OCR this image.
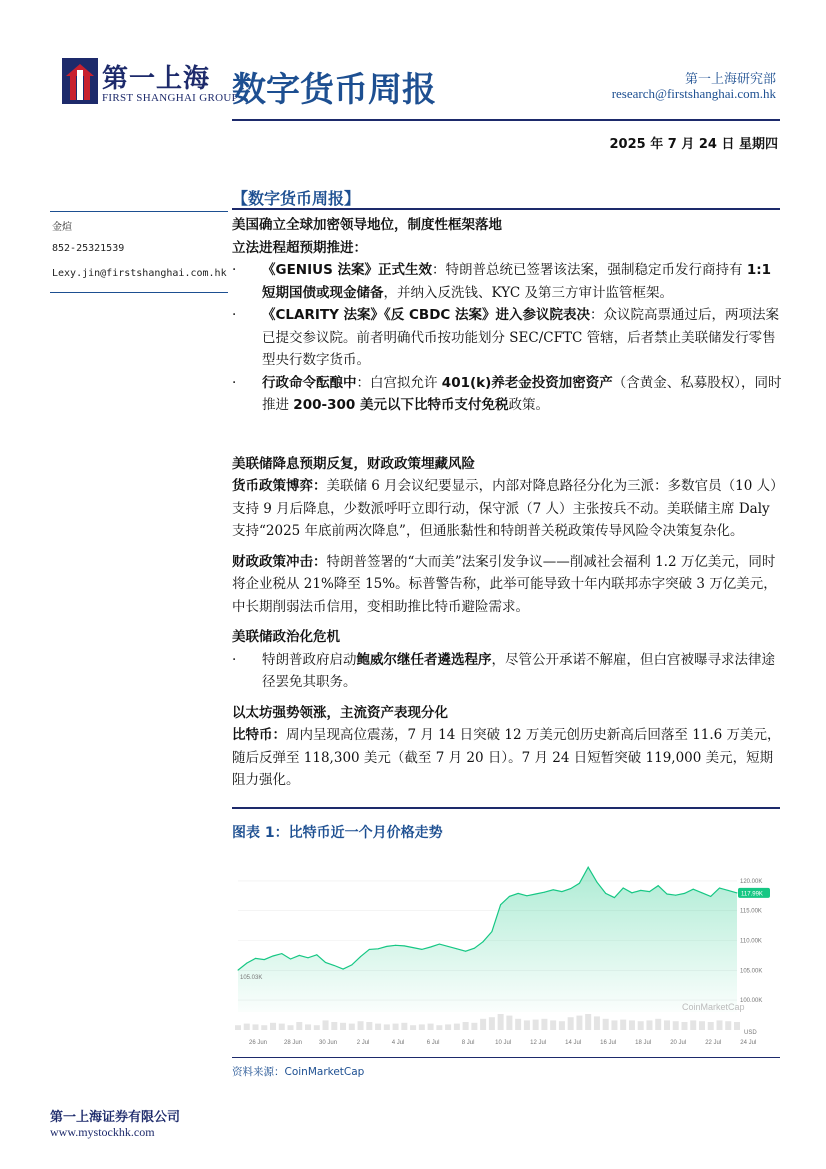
第一上海
FIRST SHANGHAI GROUP
数字货币周报	第一上海研究部
research@firstshanghai.com.hk
2025 年 7 月 24 日 星期四
【数字货币周报】
金煊
852-25321539
Lexy.jin@firstshanghai.com.hk

美国确立全球加密领导地位，制度性框架落地

立法进程超预期推进：

· 《GENIUS 法案》正式生效：特朗普总统已签署该法案，强制稳定币发行商持有 1:1 短期国债或现金储备，并纳入反洗钱、KYC 及第三方审计监管框架。

· 《CLARITY 法案》《反 CBDC 法案》进入参议院表决：众议院高票通过后，两项法案已提交参议院。前者明确代币按功能划分 SEC/CFTC 管辖，后者禁止美联储发行零售型央行数字货币。

· 行政命令酝酿中：白宫拟允许 401(k)养老金投资加密资产（含黄金、私募股权），同时推进 200-300 美元以下比特币支付免税政策。

美联储降息预期反复，财政政策埋藏风险

货币政策博弈：美联储 6 月会议纪要显示，内部对降息路径分化为三派：多数官员（10 人）支持 9 月后降息，少数派呼吁立即行动，保守派（7 人）主张按兵不动。美联储主席 Daly 支持“2025 年底前两次降息”，但通胀黏性和特朗普关税政策传导风险令决策复杂化。

财政政策冲击：特朗普签署的“大而美”法案引发争议——削减社会福利 1.2 万亿美元，同时将企业税从 21%降至 15%。标普警告称，此举可能导致十年内联邦赤字突破 3 万亿美元，中长期削弱法币信用，变相助推比特币避险需求。

美联储政治化危机

· 特朗普政府启动鲍威尔继任者遴选程序，尽管公开承诺不解雇，但白宫被曝寻求法律途径罢免其职务。

以太坊强势领涨，主流资产表现分化

比特币：周内呈现高位震荡，7 月 14 日突破 12 万美元创历史新高后回落至 11.6 万美元，随后反弹至 118,300 美元（截至 7 月 20 日）。7 月 24 日短暂突破 119,000 美元，短期阻力强化。

图表 1：比特币近一个月价格走势
26 Jun	28 Jun	30 Jun	2 Jul	4 Jul	6 Jul	8 Jul	10 Jul	12 Jul	14 Jul	16 Jul	18 Jul	20 Jul	22 Jul	24 Jul
120.00K
115.00K
110.00K
105.00K
100.00K
CoinMarketCap
USD
105.03K
117.99K
资料来源：CoinMarketCap
第一上海证券有限公司
www.mystockhk.com
